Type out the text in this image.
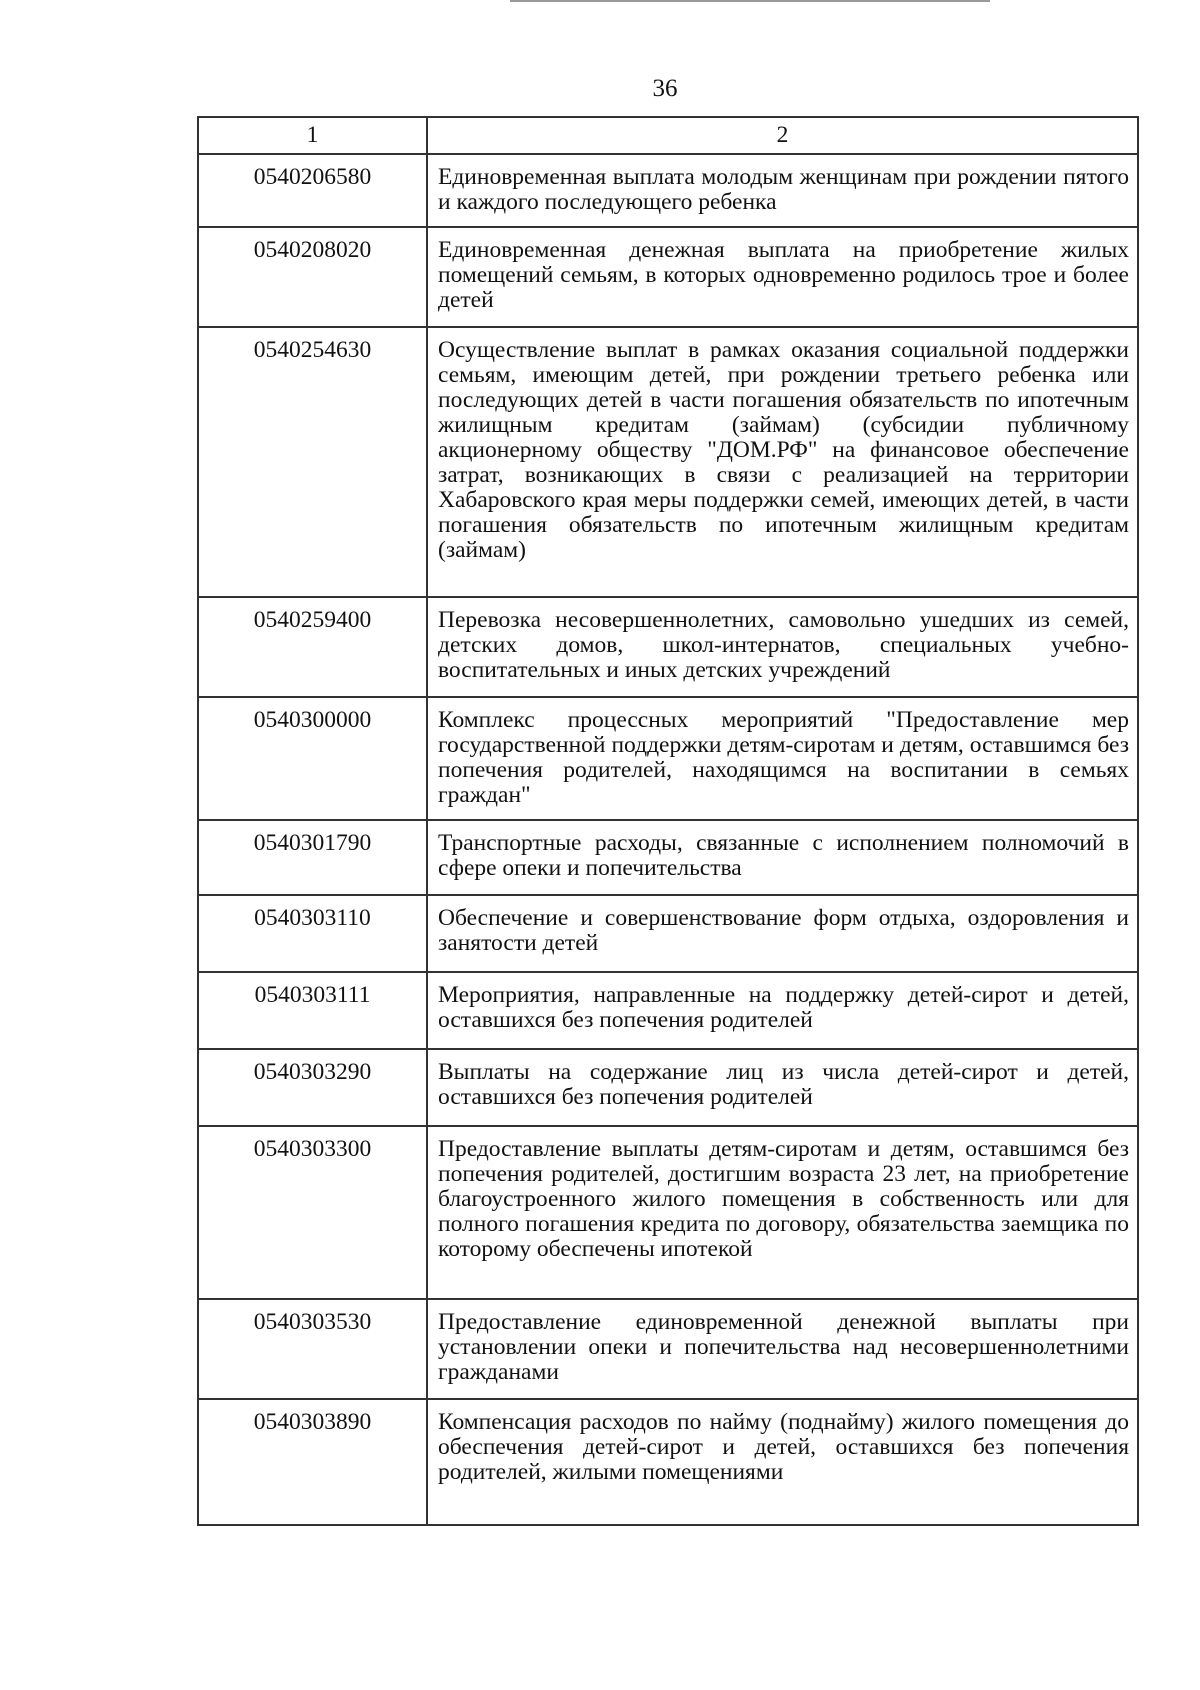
36
1	2
0540206580	Единовременная выплата молодым женщинам при рождении пятого и каждого последующего ребенка
0540208020	Единовременная денежная выплата на приобретение жилых помещений семьям, в которых одновременно родилось трое и более детей
0540254630	Осуществление выплат в рамках оказания социальной поддержки семьям, имеющим детей, при рождении третьего ребенка или последующих детей в части погашения обязательств по ипотечным жилищным кредитам (займам) (субсидии публичному акционерному обществу "ДОМ.РФ" на финансовое обеспечение затрат, возникающих в связи с реализацией на территории Хабаровского края меры поддержки семей, имеющих детей, в части погашения обязательств по ипотечным жилищным кредитам (займам)
0540259400	Перевозка несовершеннолетних, самовольно ушедших из семей, детских домов, школ-интернатов, специальных учебно-воспитательных и иных детских учреждений
0540300000	Комплекс процессных мероприятий "Предоставление мер государственной поддержки детям-сиротам и детям, оставшимся без попечения родителей, находящимся на воспитании в семьях граждан"
0540301790	Транспортные расходы, связанные с исполнением полномочий в сфере опеки и попечительства
0540303110	Обеспечение и совершенствование форм отдыха, оздоровления и занятости детей
0540303111	Мероприятия, направленные на поддержку детей-сирот и детей, оставшихся без попечения родителей
0540303290	Выплаты на содержание лиц из числа детей-сирот и детей, оставшихся без попечения родителей
0540303300	Предоставление выплаты детям-сиротам и детям, оставшимся без попечения родителей, достигшим возраста 23 лет, на приобретение благоустроенного жилого помещения в собственность или для полного погашения кредита по договору, обязательства заемщика по которому обеспечены ипотекой
0540303530	Предоставление единовременной денежной выплаты при установлении опеки и попечительства над несовершеннолетними гражданами
0540303890	Компенсация расходов по найму (поднайму) жилого помещения до обеспечения детей-сирот и детей, оставшихся без попечения родителей, жилыми помещениями
